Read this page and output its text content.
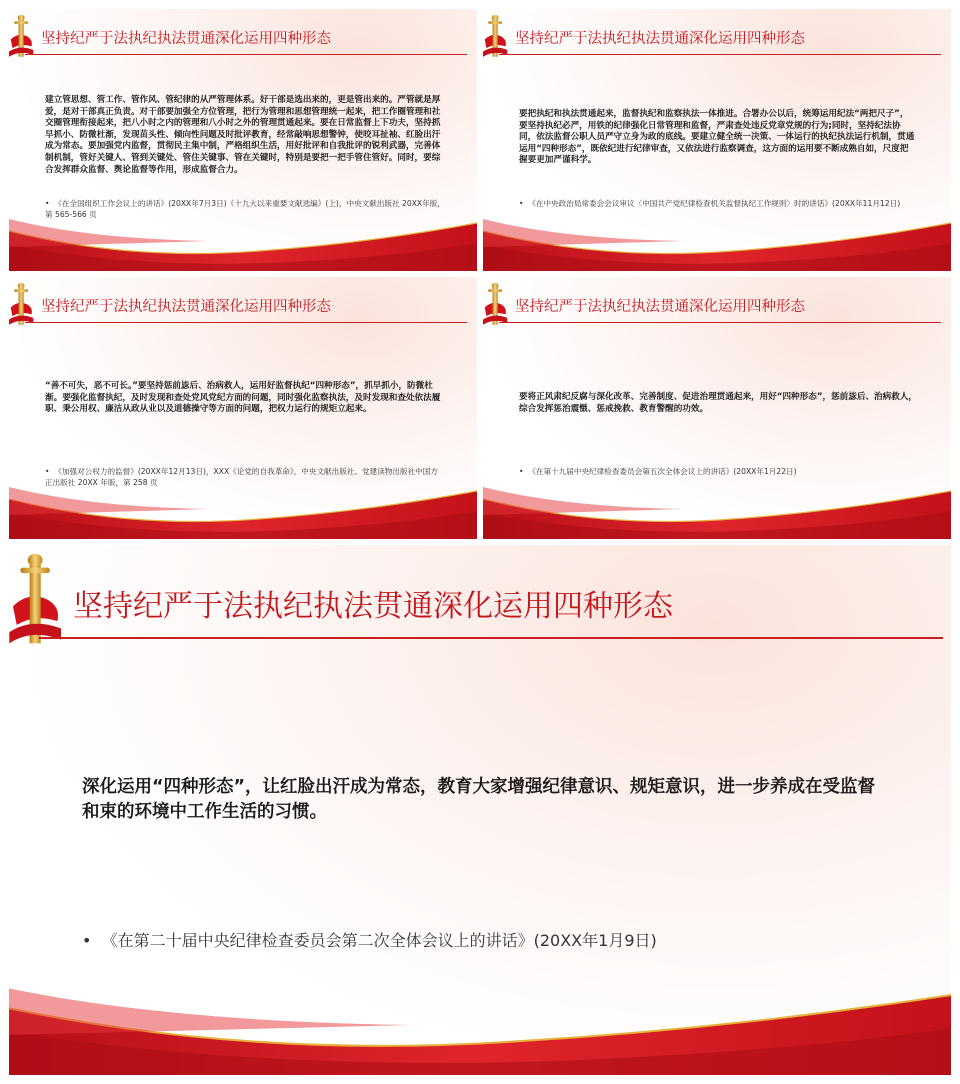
坚持纪严于法执纪执法贯通深化运用四种形态
建立管思想、管工作、管作风、管纪律的从严管理体系。好干部是选出来的，更是管出来的。严管就是厚爱，是对干部真正负责。对干部要加强全方位管理，把行为管理和思想管理统一起来，把工作圈管理和社交圈管理衔接起来，把八小时之内的管理和八小时之外的管理贯通起来。要在日常监督上下功夫，坚持抓早抓小、防微杜渐，发现苗头性、倾向性问题及时批评教育，经常敲响思想警钟，使咬耳扯袖、红脸出汗成为常态。要加强党内监督，贯彻民主集中制，严格组织生活，用好批评和自我批评的锐利武器，完善体制机制，管好关键人、管到关键处、管住关键事、管在关键时，特别是要把一把手管住管好。同时，要综合发挥群众监督、舆论监督等作用，形成监督合力。
• 《在全国组织工作会议上的讲话》(20XX年7月3日)《十九大以来重要文献选编》(上)，中央文献出版社 20XX年版，第 565-566 页
坚持纪严于法执纪执法贯通深化运用四种形态
要把执纪和执法贯通起来，监督执纪和监察执法一体推进。合署办公以后，统筹运用纪法“两把尺子”，要坚持执纪必严，用铁的纪律强化日常管理和监督，严肃查处违反党章党规的行为;同时，坚持纪法协同，依法监督公职人员严守立身为政的底线。要建立健全统一决策、一体运行的执纪执法运行机制，贯通运用“四种形态”，既依纪进行纪律审查，又依法进行监察调查，这方面的运用要不断成熟自如，尺度把握要更加严谨科学。
• 《在中央政治局常委会会议审议〈中国共产党纪律检查机关监督执纪工作规则〉时的讲话》(20XX年11月12日)
坚持纪严于法执纪执法贯通深化运用四种形态
“善不可失，恶不可长。”要坚持惩前毖后、治病救人，运用好监督执纪“四种形态”，抓早抓小，防微杜渐。要强化监督执纪，及时发现和查处党风党纪方面的问题，同时强化监察执法，及时发现和查处依法履职、秉公用权、廉洁从政从业以及道德操守等方面的问题，把权力运行的规矩立起来。
• 《加强对公权力的监督》(20XX年12月13日)，XXX《论党的自我革命》，中央文献出版社、党建读物出版社中国方正出版社 20XX 年版，第 258 页
坚持纪严于法执纪执法贯通深化运用四种形态
要将正风肃纪反腐与深化改革、完善制度、促进治理贯通起来，用好“四种形态”，惩前毖后、治病救人，综合发挥惩治震慑、惩戒挽救、教育警醒的功效。
• 《在第十九届中央纪律检查委员会第五次全体会议上的讲话》(20XX年1月22日)
坚持纪严于法执纪执法贯通深化运用四种形态
深化运用“四种形态”，让红脸出汗成为常态，教育大家增强纪律意识、规矩意识，进一步养成在受监督和束的环境中工作生活的习惯。
• 《在第二十届中央纪律检查委员会第二次全体会议上的讲话》(20XX年1月9日)
